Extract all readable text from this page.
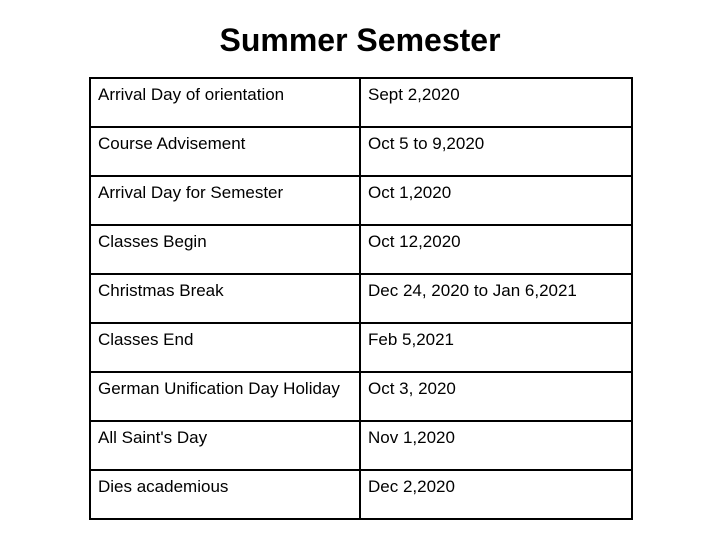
Summer Semester
Arrival Day of orientation	Sept 2,2020
Course Advisement	Oct 5 to 9,2020
Arrival Day for Semester	Oct 1,2020
Classes Begin	Oct 12,2020
Christmas Break	Dec 24, 2020 to Jan 6,2021
Classes End	Feb 5,2021
German Unification Day Holiday	Oct 3, 2020
All Saint's Day	Nov 1,2020
Dies academious	Dec 2,2020
